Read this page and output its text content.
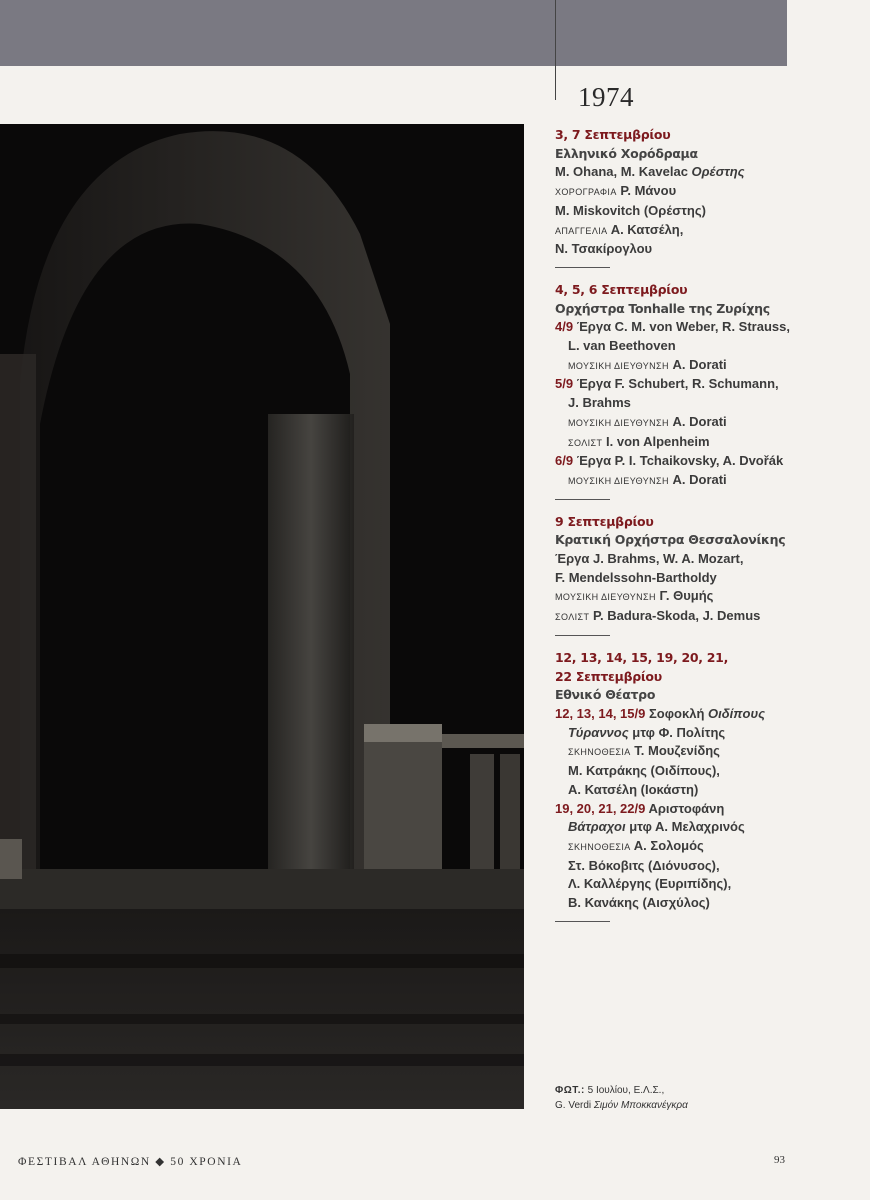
1974
3, 7 Σεπτεμβρίου
Ελληνικό Χορόδραμα
M. Ohana, M. Kavelac Ορέστης
ΧΟΡΟΓΡΑΦΙΑ Ρ. Μάνου
M. Miskovitch (Ορέστης)
ΑΠΑΓΓΕΛΙΑ Α. Κατσέλη,
Ν. Τσακίρογλου
4, 5, 6 Σεπτεμβρίου
Ορχήστρα Tonhalle της Ζυρίχης
4/9 Έργα C. M. von Weber, R. Strauss,
L. van Beethoven
ΜΟΥΣΙΚΗ ΔΙΕΥΘΥΝΣΗ A. Dorati
5/9 Έργα F. Schubert, R. Schumann,
J. Brahms
ΜΟΥΣΙΚΗ ΔΙΕΥΘΥΝΣΗ A. Dorati
ΣΟΛΙΣΤ I. von Alpenheim
6/9 Έργα P. I. Tchaikovsky, A. Dvořák
ΜΟΥΣΙΚΗ ΔΙΕΥΘΥΝΣΗ A. Dorati
9 Σεπτεμβρίου
Κρατική Ορχήστρα Θεσσαλονίκης
Έργα J. Brahms, W. A. Mozart,
F. Mendelssohn-Bartholdy
ΜΟΥΣΙΚΗ ΔΙΕΥΘΥΝΣΗ Γ. Θυμής
ΣΟΛΙΣΤ P. Badura-Skoda, J. Demus
12, 13, 14, 15, 19, 20, 21, 22 Σεπτεμβρίου
Εθνικό Θέατρο
12, 13, 14, 15/9 Σοφοκλή Οιδίπους
Τύραννος μτφ Φ. Πολίτης
ΣΚΗΝΟΘΕΣΙΑ Τ. Μουζενίδης
Μ. Κατράκης (Οιδίπους),
Α. Κατσέλη (Ιοκάστη)
19, 20, 21, 22/9 Αριστοφάνη
Βάτραχοι μτφ Α. Μελαχρινός
ΣΚΗΝΟΘΕΣΙΑ Α. Σολομός
Στ. Βόκοβιτς (Διόνυσος),
Λ. Καλλέργης (Ευριπίδης),
Β. Κανάκης (Αισχύλος)
ΦΩΤ.: 5 Ιουλίου, Ε.Λ.Σ.,
G. Verdi Σιμόν Μποκκανέγκρα
ΦΕΣΤΙΒΑΛ ΑΘΗΝΩΝ ◆ 50 ΧΡΟΝΙΑ	93
